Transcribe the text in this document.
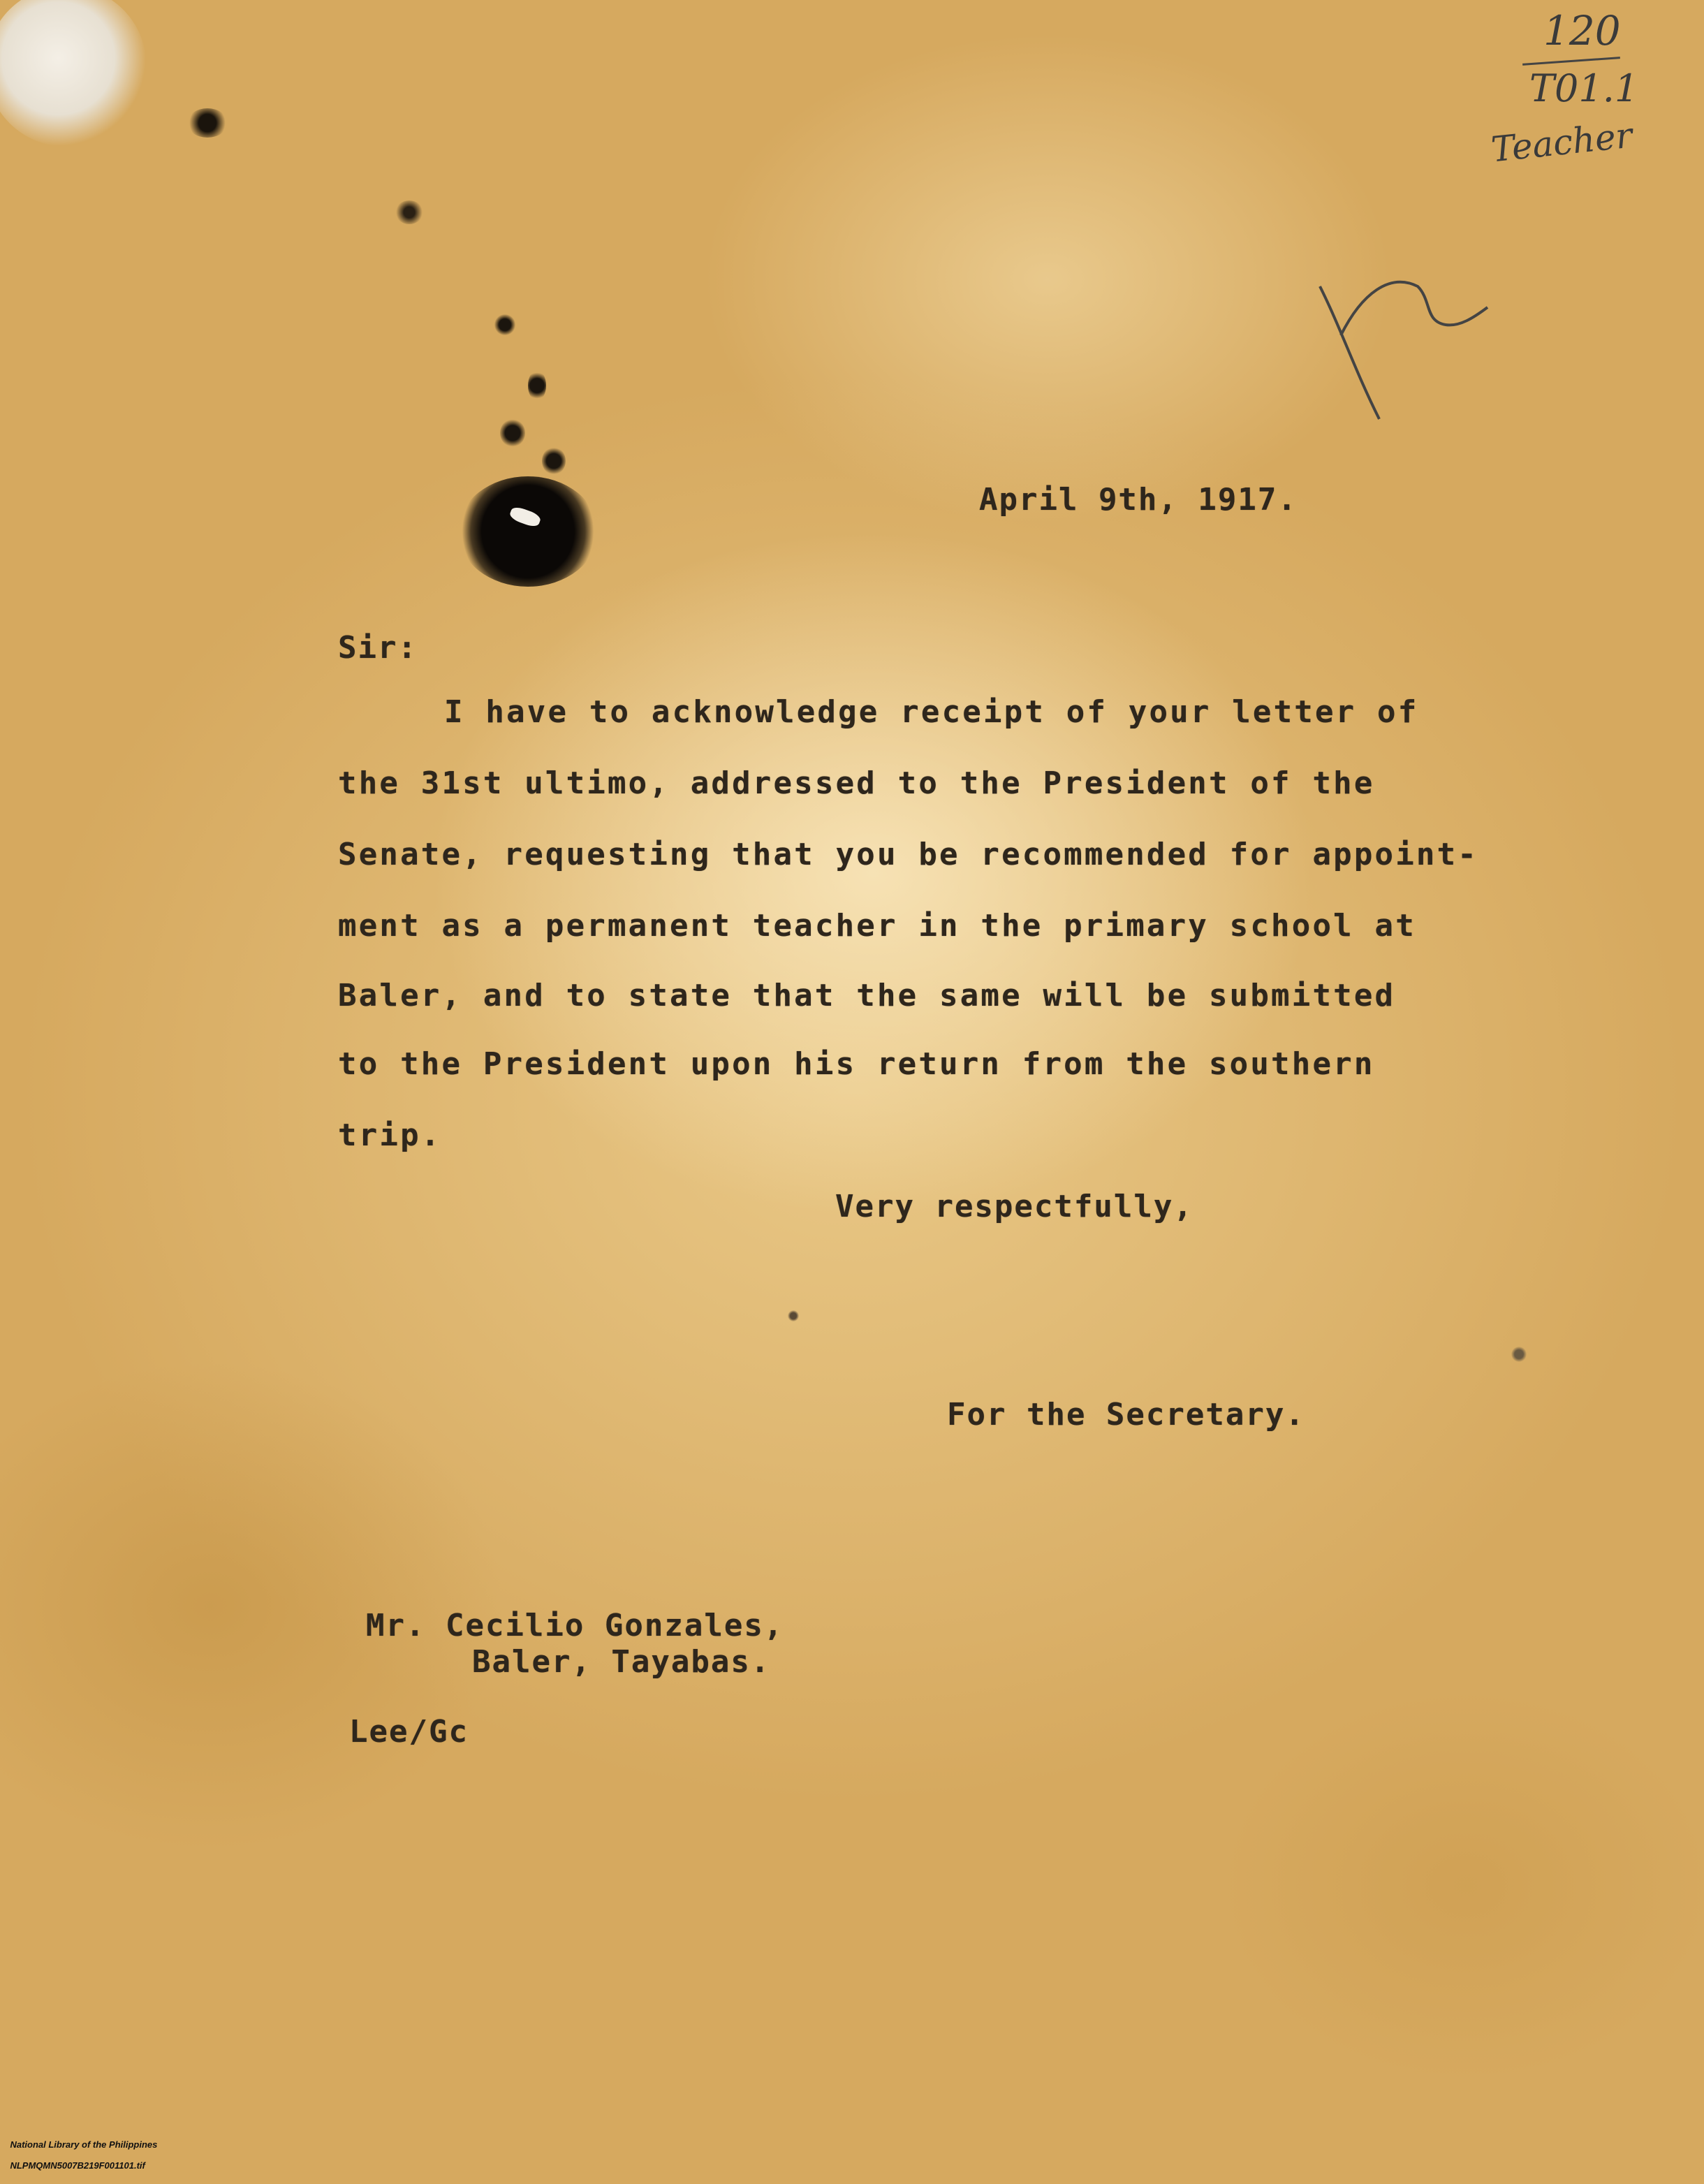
120
T01.1
Teacher

April 9th, 1917.

Sir:

I have to acknowledge receipt of your letter of

the 31st ultimo, addressed to the President of the

Senate, requesting that you be recommended for appoint-

ment as a permanent teacher in the primary school at

Baler, and to state that the same will be submitted

to the President upon his return from the southern

trip.

Very respectfully,

For the Secretary.

Mr. Cecilio Gonzales,

Baler, Tayabas.

Lee/Gc

National Library of the Philippines

NLPMQMN5007B219F001101.tif
